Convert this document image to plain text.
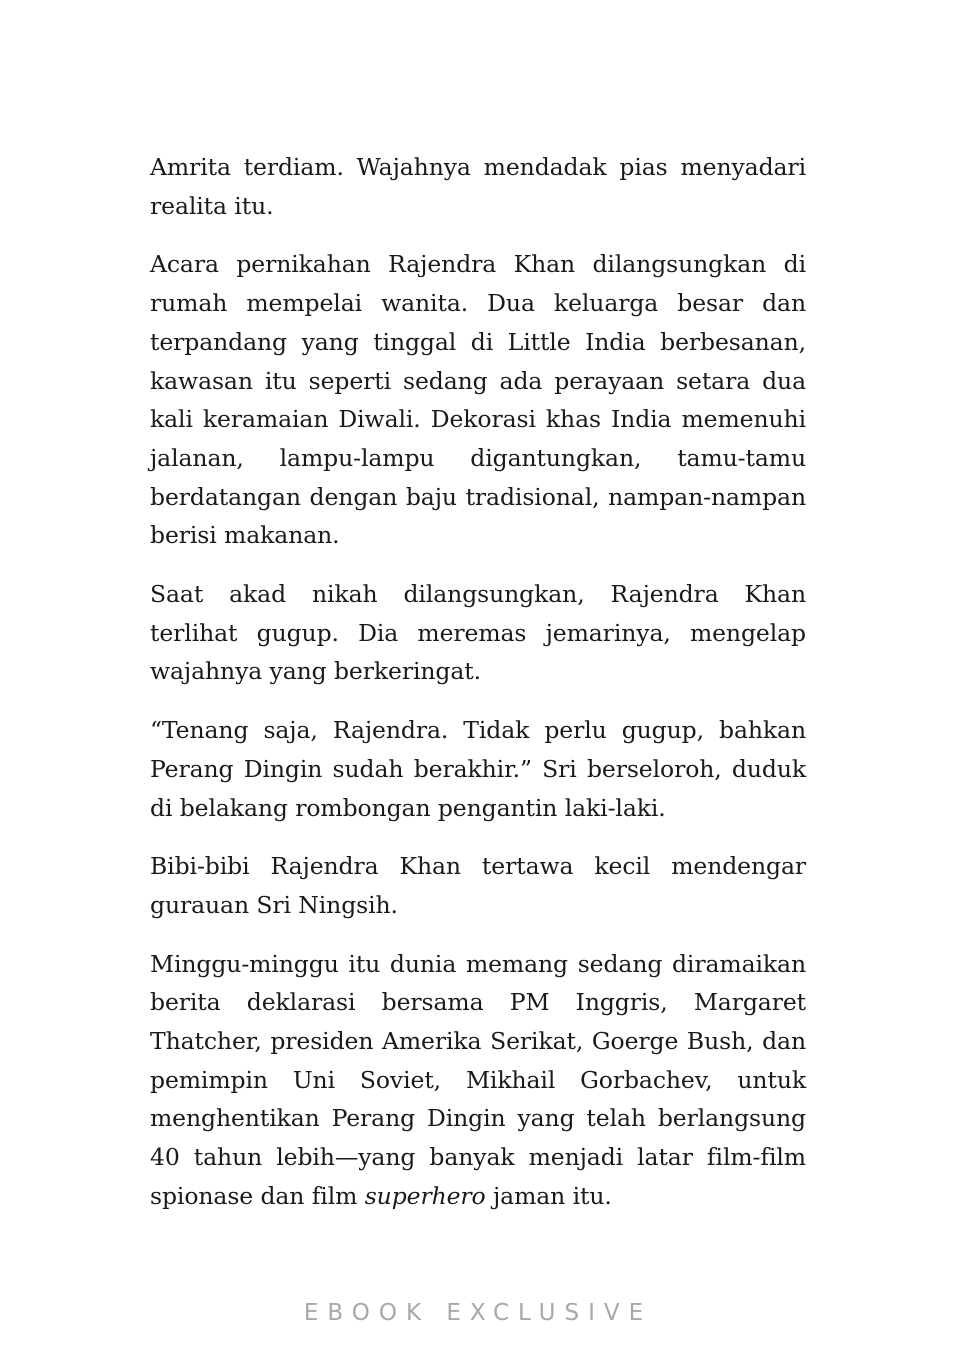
Amrita terdiam. Wajahnya mendadak pias menyadari realita itu.

Acara pernikahan Rajendra Khan dilangsungkan di rumah mempelai wanita. Dua keluarga besar dan terpandang yang tinggal di Little India berbesanan, kawasan itu seperti sedang ada perayaan setara dua kali keramaian Diwali. Dekorasi khas India memenuhi jalanan, lampu-lampu digantungkan, tamu-tamu berdatangan dengan baju tradisional, nampan-nampan berisi makanan.

Saat akad nikah dilangsungkan, Rajendra Khan terlihat gugup. Dia meremas jemarinya, mengelap wajahnya yang berkeringat.

“Tenang saja, Rajendra. Tidak perlu gugup, bahkan Perang Dingin sudah berakhir.” Sri berseloroh, duduk di belakang rombongan pengantin laki-laki.

Bibi-bibi Rajendra Khan tertawa kecil mendengar gurauan Sri Ningsih.

Minggu-minggu itu dunia memang sedang diramaikan berita deklarasi bersama PM Inggris, Margaret Thatcher, presiden Amerika Serikat, Goerge Bush, dan pemimpin Uni Soviet, Mikhail Gorbachev, untuk menghentikan Perang Dingin yang telah berlangsung 40 tahun lebih—yang banyak menjadi latar film-film spionase dan film superhero jaman itu.

EBOOK EXCLUSIVE
